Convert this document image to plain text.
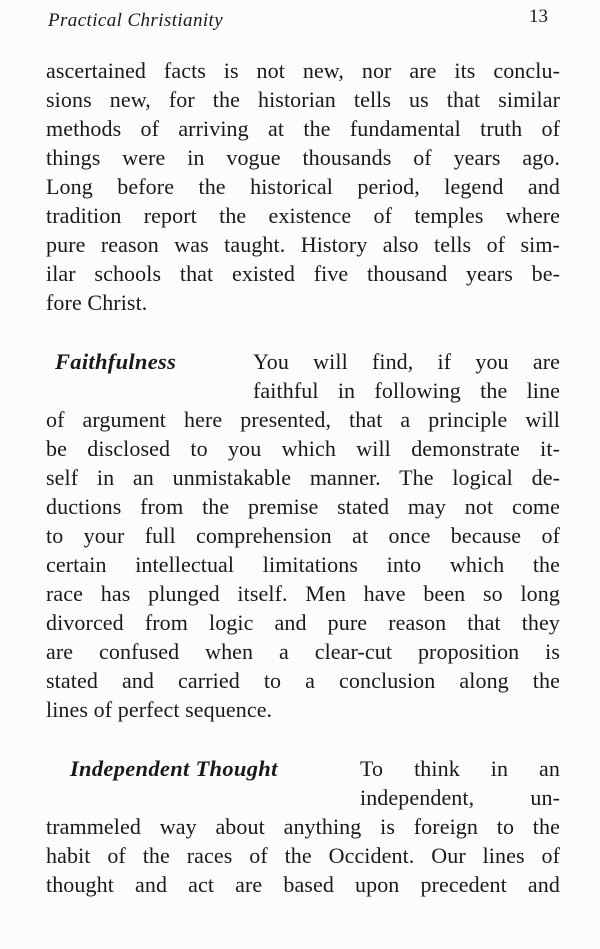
Practical Christianity	13
ascertained facts is not new, nor are its conclu-
sions new, for the historian tells us that similar
methods of arriving at the fundamental truth of
things were in vogue thousands of years ago.
Long before the historical period, legend and
tradition report the existence of temples where
pure reason was taught. History also tells of sim-
ilar schools that existed five thousand years be-
fore Christ.
Faithfulness	You will find, if you are
faithful in following the line
of argument here presented, that a principle will
be disclosed to you which will demonstrate it-
self in an unmistakable manner. The logical de-
ductions from the premise stated may not come
to your full comprehension at once because of
certain intellectual limitations into which the
race has plunged itself. Men have been so long
divorced from logic and pure reason that they
are confused when a clear-cut proposition is
stated and carried to a conclusion along the
lines of perfect sequence.
Independent Thought	To think in an
independent, un-
trammeled way about anything is foreign to the
habit of the races of the Occident. Our lines of
thought and act are based upon precedent and
